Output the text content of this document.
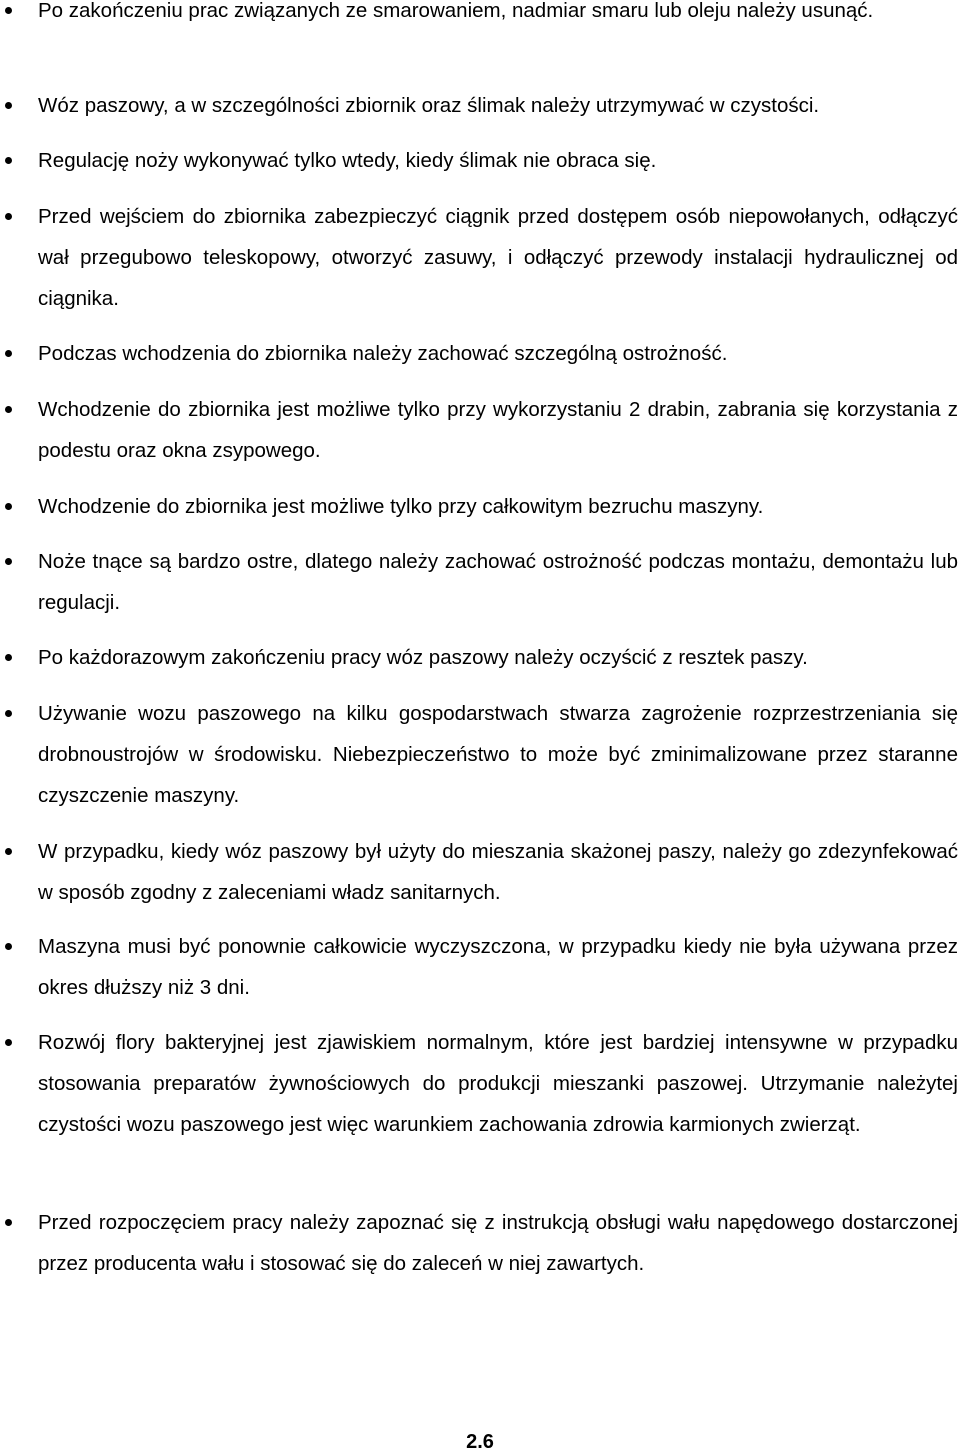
Po zakończeniu prac związanych ze smarowaniem, nadmiar smaru lub oleju należy usunąć.

Wóz paszowy, a w szczególności zbiornik oraz ślimak należy utrzymywać w czystości.

Regulację noży wykonywać tylko wtedy, kiedy ślimak nie obraca się.

Przed wejściem do zbiornika zabezpieczyć ciągnik przed dostępem osób niepowołanych, odłączyć wał przegubowo teleskopowy, otworzyć zasuwy, i odłączyć przewody instalacji hydraulicznej od ciągnika.

Podczas wchodzenia do zbiornika należy zachować szczególną ostrożność.

Wchodzenie do zbiornika jest możliwe tylko przy wykorzystaniu 2 drabin, zabrania się korzystania z podestu oraz okna zsypowego.

Wchodzenie do zbiornika jest możliwe tylko przy całkowitym bezruchu maszyny.

Noże tnące są bardzo ostre, dlatego należy zachować ostrożność podczas montażu, demontażu lub regulacji.

Po każdorazowym zakończeniu pracy wóz paszowy należy oczyścić z resztek paszy.

Używanie wozu paszowego na kilku gospodarstwach stwarza zagrożenie rozprzestrzeniania się drobnoustrojów w środowisku. Niebezpieczeństwo to może być zminimalizowane przez staranne czyszczenie maszyny.

W przypadku, kiedy wóz paszowy był użyty do mieszania skażonej paszy, należy go zdezynfekować w sposób zgodny z zaleceniami władz sanitarnych.

Maszyna musi być ponownie całkowicie wyczyszczona, w przypadku kiedy nie była używana przez okres dłuższy niż 3 dni.

Rozwój flory bakteryjnej jest zjawiskiem normalnym, które jest bardziej intensywne w przypadku stosowania preparatów żywnościowych do produkcji mieszanki paszowej. Utrzymanie należytej czystości wozu paszowego jest więc warunkiem zachowania zdrowia karmionych zwierząt.

Przed rozpoczęciem pracy należy zapoznać się z instrukcją obsługi wału napędowego dostarczonej przez producenta wału i stosować się do zaleceń w niej zawartych.

2.6
